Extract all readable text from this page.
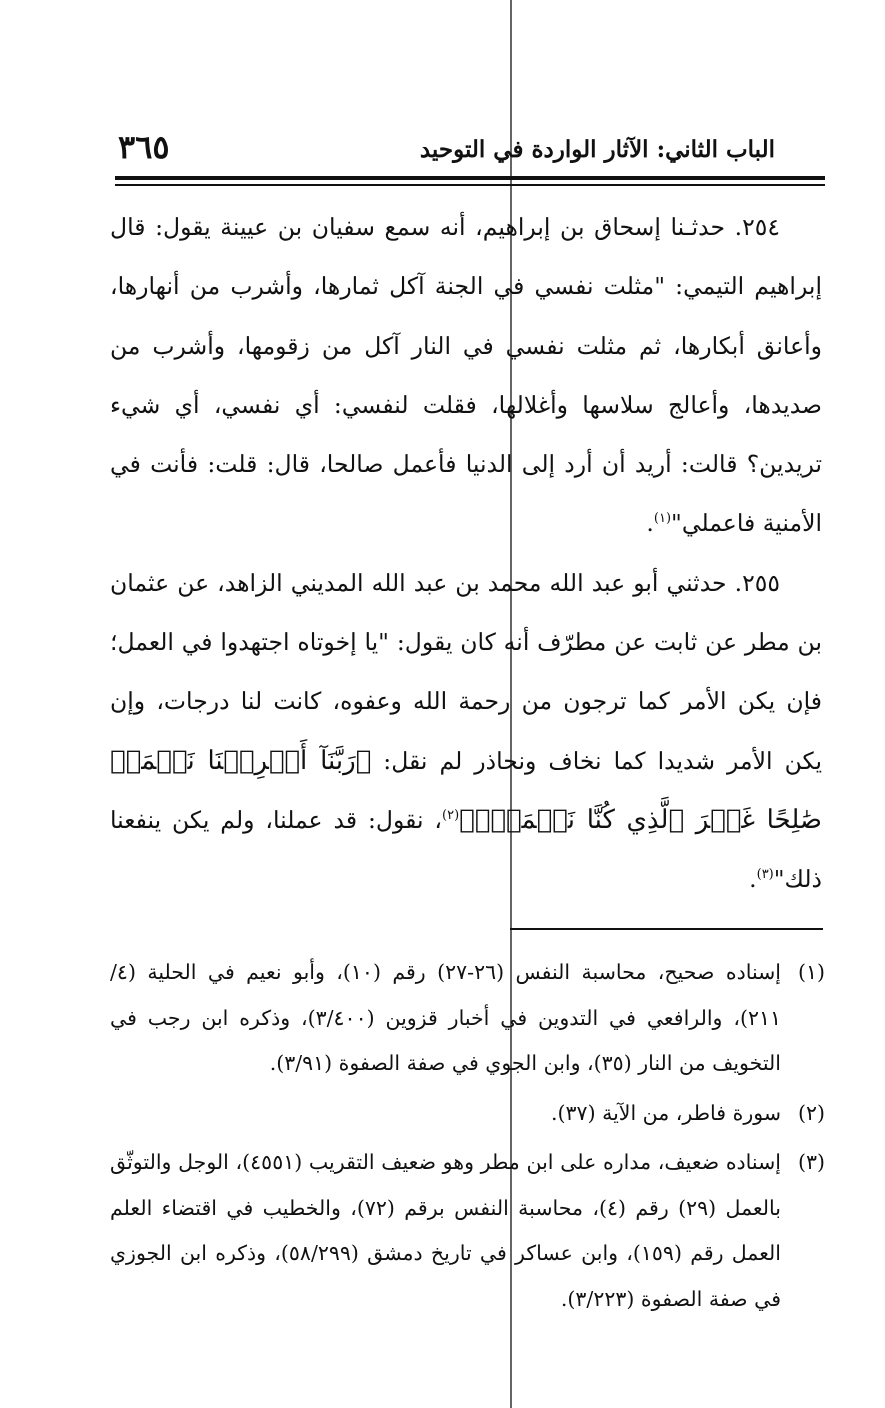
٣٦٥	الباب الثاني: الآثار الواردة في التوحيد

٢٥٤. حدثـنا إسحاق بن إبراهيم، أنه سمع سفيان بن عيينة يقول: قال إبراهيم التيمي: "مثلت نفسي في الجنة آكل ثمارها، وأشرب من أنهارها، وأعانق أبكارها، ثم مثلت نفسي في النار آكل من زقومها، وأشرب من صديدها، وأعالج سلاسها وأغلالها، فقلت لنفسي: أي نفسي، أي شيء تريدين؟ قالت: أريد أن أرد إلى الدنيا فأعمل صالحا، قال: قلت: فأنت في الأمنية فاعملي"$^{(١)}$.

٢٥٥. حدثني أبو عبد الله محمد بن عبد الله المديني الزاهد، عن عثمان بن مطر عن ثابت عن مطرّف أنه كان يقول: "يا إخوتاه اجتهدوا في العمل؛ فإن يكن الأمر كما ترجون من رحمة الله وعفوه، كانت لنا درجات، وإن يكن الأمر شديدا كما نخاف ونحاذر لم نقل: ﴿رَبَّنَآ أَخۡرِجۡنَا نَعۡمَلۡ صَٰلِحًا غَيۡرَ ٱلَّذِي كُنَّا نَعۡمَلُۚ﴾$^{(٢)}$، نقول: قد عملنا، ولم يكن ينفعنا ذلك"$^{(٣)}$.

(١)
إسناده صحيح، محاسبة النفس (٢٦-٢٧) رقم (١٠)، وأبو نعيم في الحلية (٤/ ٢١١)، والرافعي في التدوين في أخبار قزوين (٣/٤٠٠)، وذكره ابن رجب في التخويف من النار (٣٥)، وابن الجوي في صفة الصفوة (٣/٩١).

(٢)
سورة فاطر، من الآية (٣٧).

(٣)
إسناده ضعيف، مداره على ابن مطر وهو ضعيف التقريب (٤٥٥١)، الوجل والتوثّق بالعمل (٢٩) رقم (٤)، محاسبة النفس برقم (٧٢)، والخطيب في اقتضاء العلم العمل رقم (١٥٩)، وابن عساكر في تاريخ دمشق (٥٨/٢٩٩)، وذكره ابن الجوزي في صفة الصفوة (٣/٢٢٣).
